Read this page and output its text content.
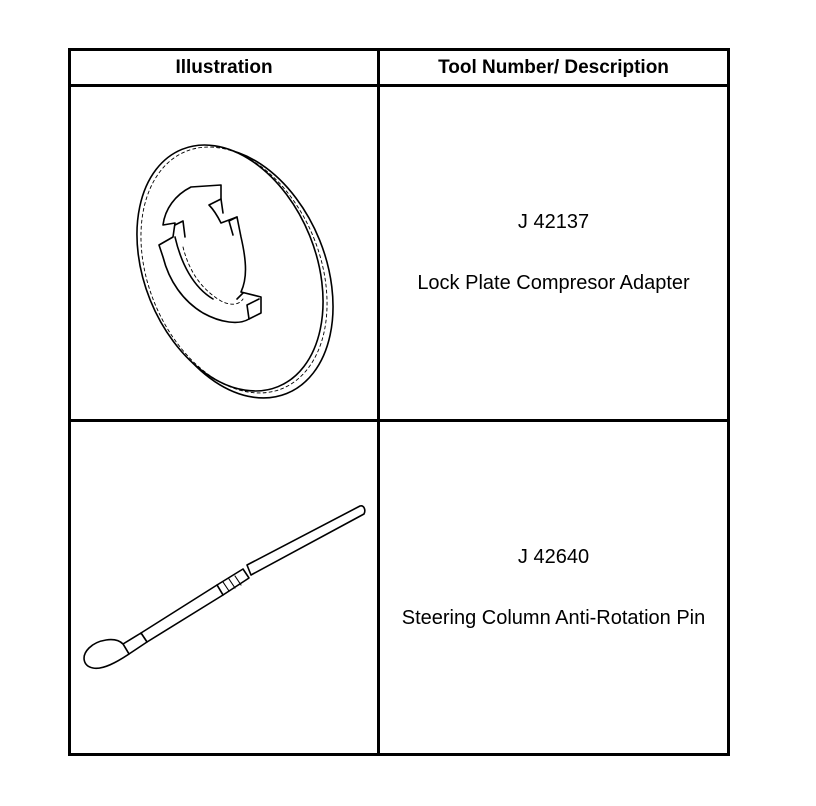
Illustration	Tool Number/ Description
J 42137
Lock Plate Compresor Adapter
J 42640
Steering Column Anti-Rotation Pin
